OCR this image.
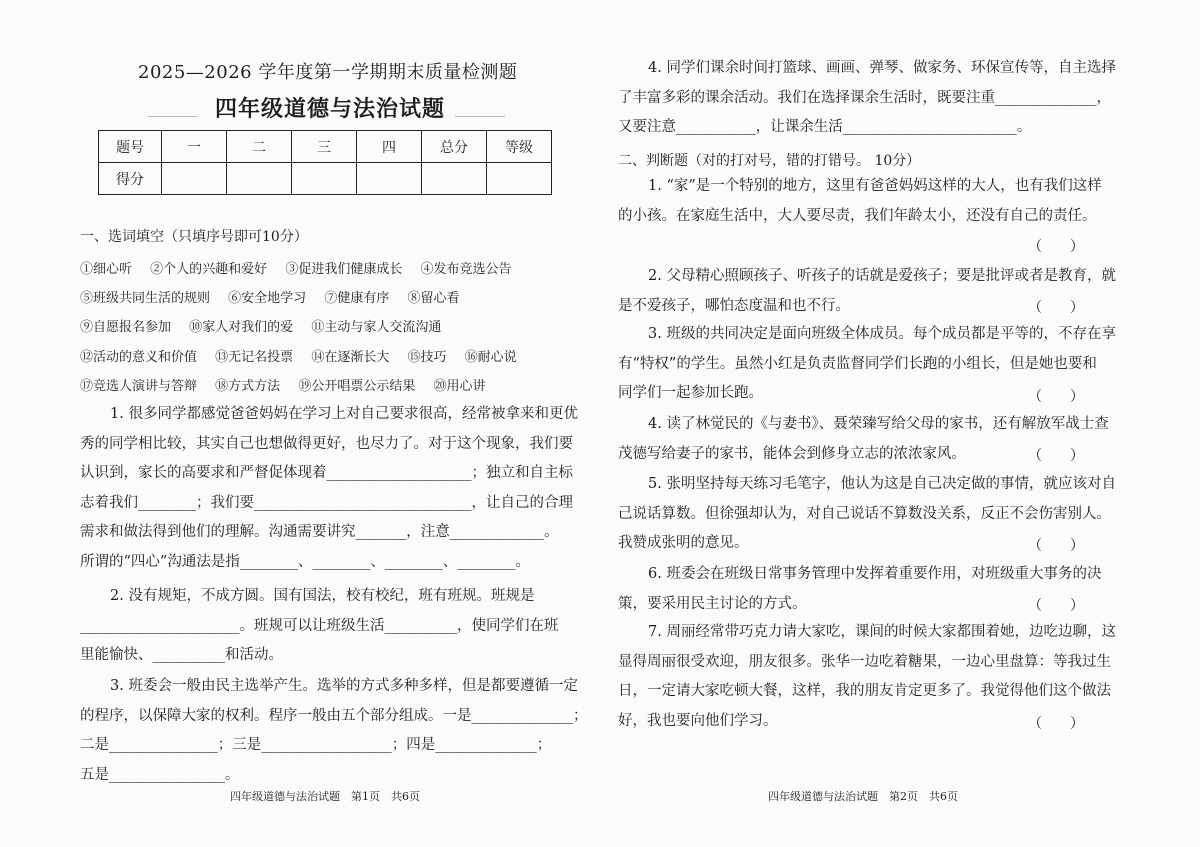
2025—2026 学年度第一学期期末质量检测题
四年级道德与法治试题
题号	一	二	三	四	总分	等级
得分						
一、选词填空（只填序号即可10分）
①细心听 ②个人的兴趣和爱好 ③促进我们健康成长 ④发布竞选公告
⑤班级共同生活的规则 ⑥安全地学习 ⑦健康有序 ⑧留心看
⑨自愿报名参加 ⑩家人对我们的爱 ⑪主动与家人交流沟通
⑫活动的意义和价值 ⑬无记名投票 ⑭在逐渐长大 ⑮技巧 ⑯耐心说
⑰竞选人演讲与答辩 ⑱方式方法 ⑲公开唱票公示结果 ⑳用心讲
1. 很多同学都感觉爸爸妈妈在学习上对自己要求很高，经常被拿来和更优
秀的同学相比较，其实自己也想做得更好，也尽力了。对于这个现象，我们要
认识到，家长的高要求和严督促体现着____________________；独立和自主标
志着我们________；我们要______________________________，让自己的合理
需求和做法得到他们的理解。沟通需要讲究_______，注意_____________。
所谓的“四心”沟通法是指________、________、________、________。
2. 没有规矩，不成方圆。国有国法，校有校纪，班有班规。班规是
______________________。班规可以让班级生活__________，使同学们在班
里能愉快、__________和活动。
3. 班委会一般由民主选举产生。选举的方式多种多样，但是都要遵循一定
的程序，以保障大家的权利。程序一般由五个部分组成。一是______________；
二是_______________；三是__________________；四是______________；
五是________________。
四年级道德与法治试题　第1页　共6页
4. 同学们课余时间打篮球、画画、弹琴、做家务、环保宣传等，自主选择
了丰富多彩的课余活动。我们在选择课余生活时，既要注重______________，
又要注意___________，让课余生活________________________。
二、判断题（对的打对号，错的打错号。 10分）
1. “家”是一个特别的地方，这里有爸爸妈妈这样的大人，也有我们这样
的小孩。在家庭生活中，大人要尽责，我们年龄太小，还没有自己的责任。
（　　）
2. 父母精心照顾孩子、听孩子的话就是爱孩子；要是批评或者是教育，就
是不爱孩子，哪怕态度温和也不行。	（　　）
3. 班级的共同决定是面向班级全体成员。每个成员都是平等的，不存在享
有“特权”的学生。虽然小红是负责监督同学们长跑的小组长，但是她也要和
同学们一起参加长跑。	（　　）
4. 读了林觉民的《与妻书》、聂荣臻写给父母的家书，还有解放军战士查
茂德写给妻子的家书，能体会到修身立志的浓浓家风。	（　　）
5. 张明坚持每天练习毛笔字，他认为这是自己决定做的事情，就应该对自
己说话算数。但徐强却认为，对自己说话不算数没关系，反正不会伤害别人。
我赞成张明的意见。	（　　）
6. 班委会在班级日常事务管理中发挥着重要作用，对班级重大事务的决
策，要采用民主讨论的方式。	（　　）
7. 周丽经常带巧克力请大家吃，课间的时候大家都围着她，边吃边聊，这
显得周丽很受欢迎，朋友很多。张华一边吃着糖果，一边心里盘算：等我过生
日，一定请大家吃顿大餐，这样，我的朋友肯定更多了。我觉得他们这个做法
好，我也要向他们学习。	（　　）
四年级道德与法治试题　第2页　共6页
